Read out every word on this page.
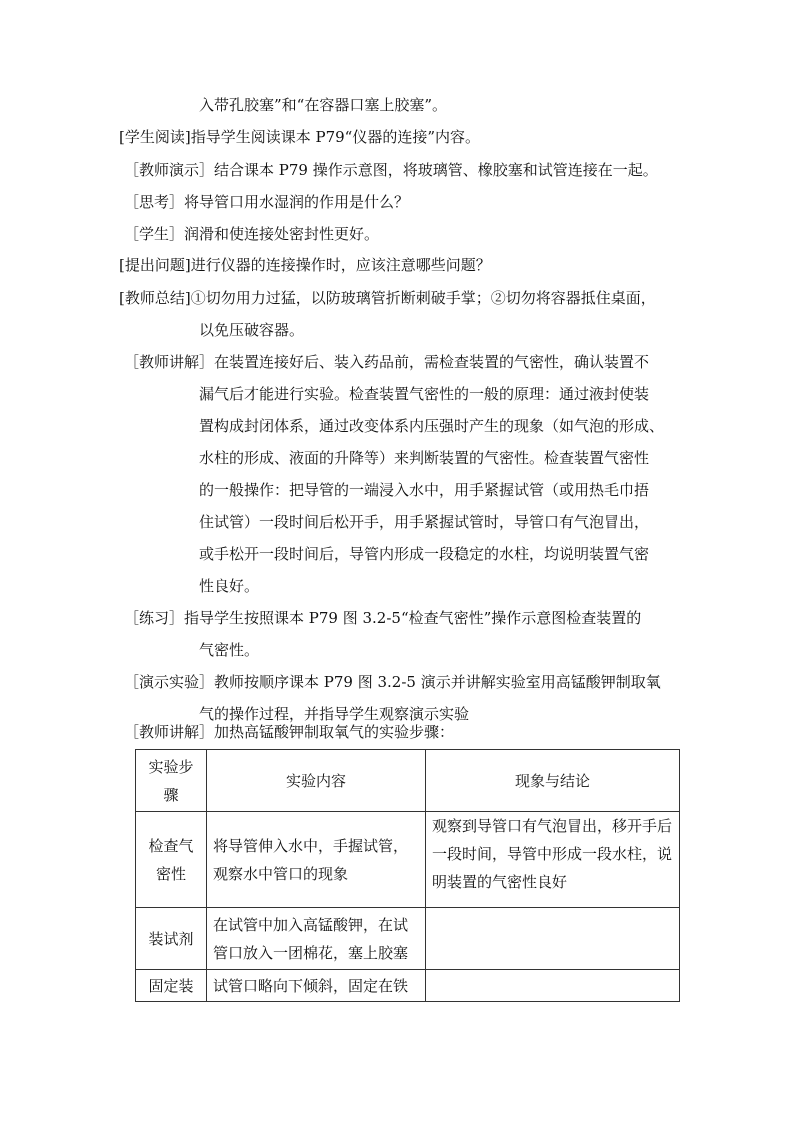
入带孔胶塞”和“在容器口塞上胶塞”。
[学生阅读]指导学生阅读课本 P79“仪器的连接”内容。
［教师演示］结合课本 P79 操作示意图，将玻璃管、橡胶塞和试管连接在一起。
［思考］将导管口用水湿润的作用是什么？
［学生］润滑和使连接处密封性更好。
[提出问题]进行仪器的连接操作时，应该注意哪些问题？
[教师总结]①切勿用力过猛，以防玻璃管折断刺破手掌；②切勿将容器抵住桌面，
以免压破容器。
［教师讲解］在装置连接好后、装入药品前，需检查装置的气密性，确认装置不
漏气后才能进行实验。检查装置气密性的一般的原理：通过液封使装
置构成封闭体系，通过改变体系内压强时产生的现象（如气泡的形成、
水柱的形成、液面的升降等）来判断装置的气密性。检查装置气密性
的一般操作：把导管的一端浸入水中，用手紧握试管（或用热毛巾捂
住试管）一段时间后松开手，用手紧握试管时，导管口有气泡冒出，
或手松开一段时间后，导管内形成一段稳定的水柱，均说明装置气密
性良好。
［练习］指导学生按照课本 P79 图 3.2-5“检查气密性”操作示意图检查装置的
气密性。
［演示实验］教师按顺序课本 P79 图 3.2-5 演示并讲解实验室用高锰酸钾制取氧
气的操作过程，并指导学生观察演示实验
［教师讲解］加热高锰酸钾制取氧气的实验步骤：
实验步骤	实验内容	现象与结论
检查气密性	将导管伸入水中，手握试管，观察水中管口的现象	观察到导管口有气泡冒出，移开手后一段时间，导管中形成一段水柱，说明装置的气密性良好
装试剂	在试管中加入高锰酸钾，在试管口放入一团棉花，塞上胶塞	
固定装	试管口略向下倾斜，固定在铁	
